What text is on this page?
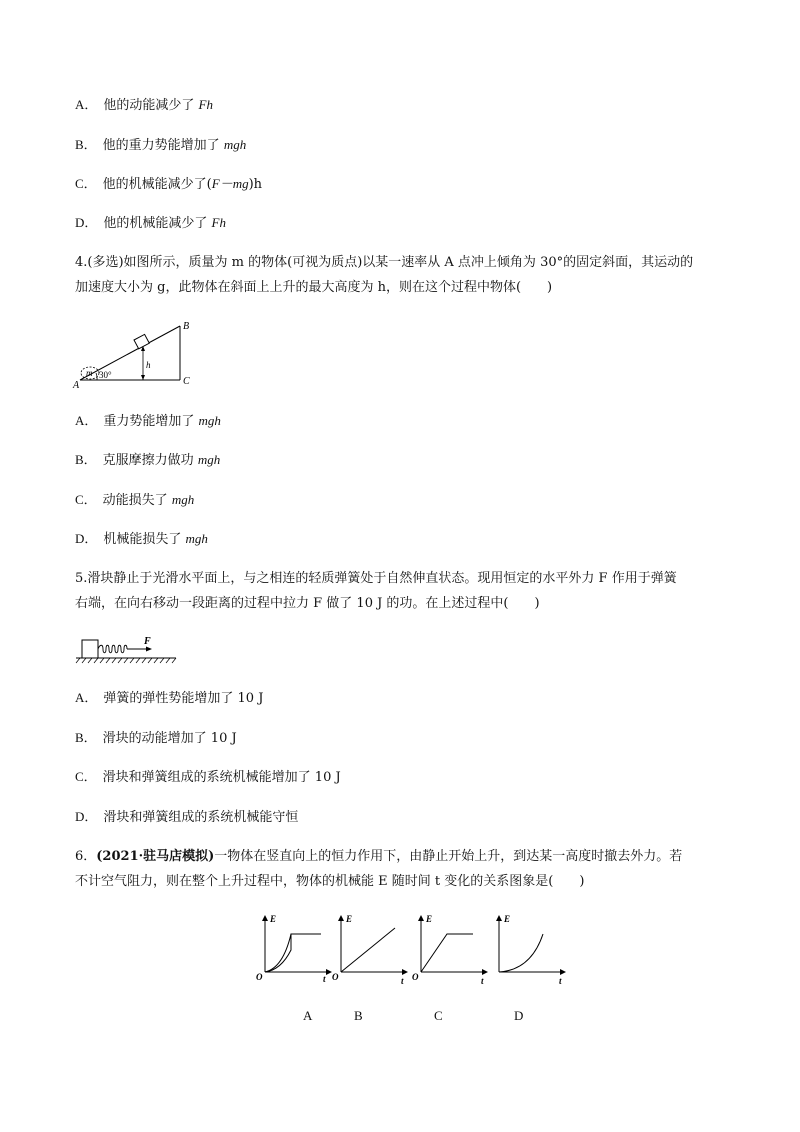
A． 他的动能减少了 Fh
B． 他的重力势能增加了 mgh
C． 他的机械能减少了(F－mg)h
D． 他的机械能减少了 Fh
4.(多选)如图所示，质量为 m 的物体(可视为质点)以某一速率从 A 点冲上倾角为 30°的固定斜面，其运动的
加速度大小为 g，此物体在斜面上上升的最大高度为 h，则在这个过程中物体(　　)
m 30°
h
A
B
C
A． 重力势能增加了 mgh
B． 克服摩擦力做功 mgh
C． 动能损失了 mgh
D． 机械能损失了 mgh
5.滑块静止于光滑水平面上，与之相连的轻质弹簧处于自然伸直状态。现用恒定的水平外力 F 作用于弹簧
右端，在向右移动一段距离的过程中拉力 F 做了 10 J 的功。在上述过程中(　　)
F
A． 弹簧的弹性势能增加了 10 J
B． 滑块的动能增加了 10 J
C． 滑块和弹簧组成的系统机械能增加了 10 J
D． 滑块和弹簧组成的系统机械能守恒
6．(2021·驻马店模拟)一物体在竖直向上的恒力作用下，由静止开始上升，到达某一高度时撤去外力。若
不计空气阻力，则在整个上升过程中，物体的机械能 E 随时间 t 变化的关系图象是(　　)
E
t
O
E
t
O
E
t
O
E
t
A	B	C	D
